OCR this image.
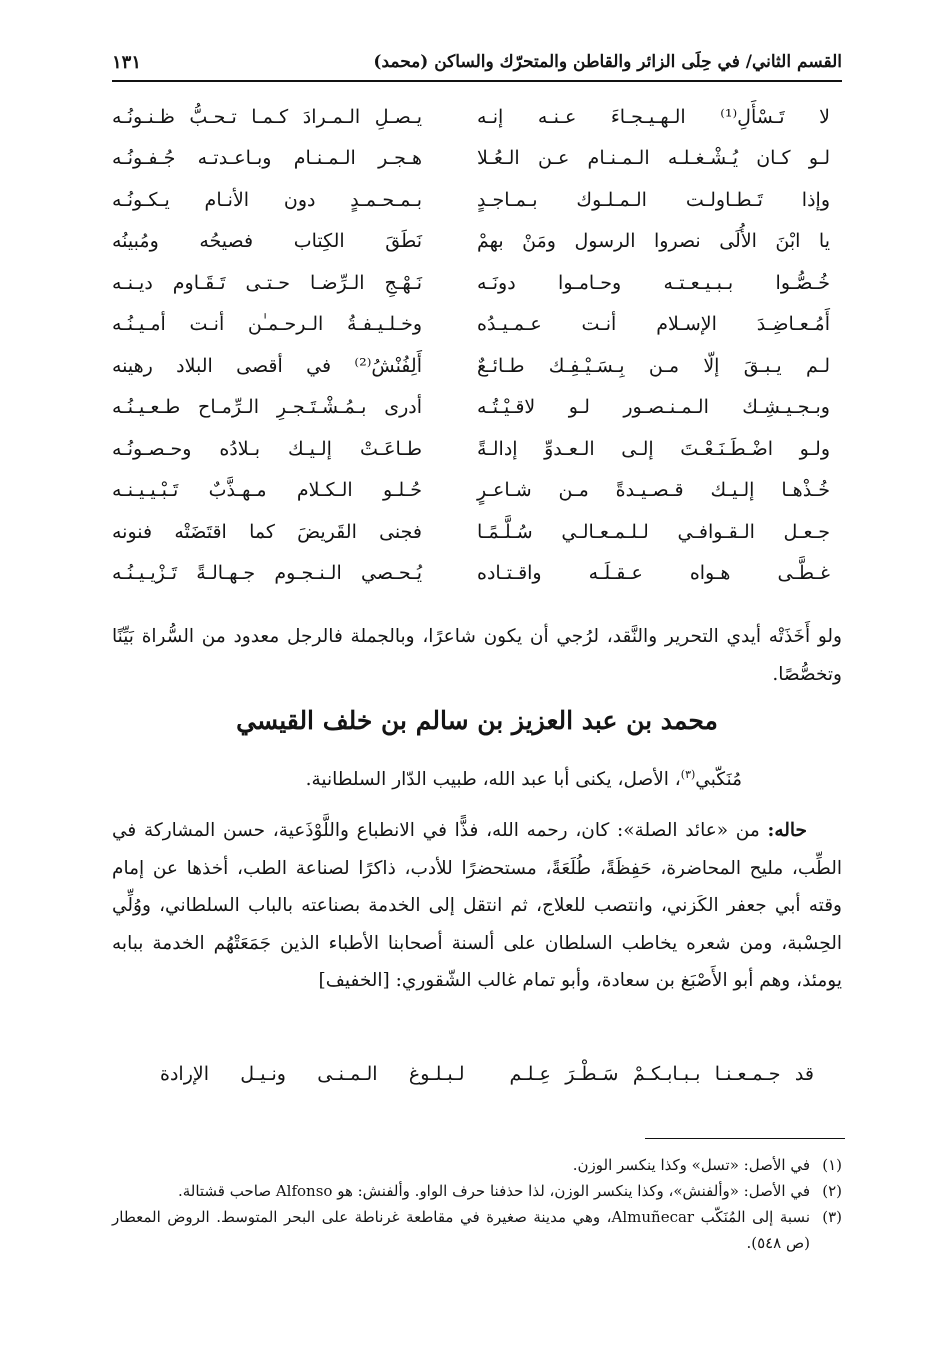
القسم الثاني/ في حِلَى الزائر والقاطن والمتحرّك والساكن (محمد)
١٣١
لا تَـسْأَلِ⁽¹⁾ الـهـيـجـاءَ عـنـه إنـه
يـصـلِ الـمـرادَ كـمـا تـحـبُّ ظـنـونُـه
لـو كـان يُـشْـغـلـه الـمـنـام عـن الـعُـلا
هـجـر الـمـنـام وبـاعـدتـه جُـفـونُـه
وإذا تَـطـاولـت الـمـلـوك بـمـاجـدٍ
بـمـحـمـدٍ دون الأنـام يـكـونُـه
يا ابْنَ الأُلَى نصروا الرسول ومَنْ بهمْ
نَطَقَ الكِتاب فصيحُه ومُبينُه
خُـصُّـوا بـبـيـعـتـه وحـامـوا دونَـه
نَـهْـجِ الـرِّضـا حـتـى تَـقَـاوم ديـنـه
أَمُـعـاضِـدَ الإسـلام أنـت عـمـيـدُه
وخـلـيـفـةُ الـرحـمـٰن أنـت أمـيـنُـه
لـم يـبـقَ إلّا مـن بِـسَـيْـفِـك طـائـعٌ
أَلِفُنْشُ⁽²⁾ في أقصى البلاد رهينه
وبـجـيـشِـك الـمـنـصـور لـو لاقـيْـتُـه
أدرى بـمُـشْـتَـجـرِ الـرِّمـاح طـعـيـنُـه
ولـو اضْـطَـنَـعْـتَ إلـى الـعـدوِّ إدالـةً
طـاعَـتْ إلـيـك بـلادُه وحـصـونُـه
خُـذْهـا إلـيـك قـصـيـدةً مـن شـاعـرٍ
حُـلـو الـكـلام مـهـذَّبٌ تَـبْـيـيـنـه
جـعـل الـقـوافـي لـلـمـعـالـي سُـلَّـمًـا
فجنى القَريضَ كما اقتَضَتْه فنونه
غـطَّـى هـواه عـقـلَـه واقـتـاده
يُـحـصي الـنـجـوم جـهـالـةً تَـزْيـيـنُـه
ولو أَخَذَتْه أيدي التحرير والنَّقد، لرُجي أن يكون شاعرًا، وبالجملة فالرجل معدود من السُّراة بَيِّنًا وتخصُّصًا.
محمد بن عبد العزيز بن سالم بن خلف القيسي
مُنَكّبي$^{(٣)}$، الأصل، يكنى أبا عبد الله، طبيب الدّار السلطانية.
حاله: من «عائد الصلة»: كان، رحمه الله، فذًّا في الانطباع واللَّوْذَعية، حسن المشاركة في الطِّب، مليح المحاضرة، حَفِظَةً، طُلَعَةً، مستحضرًا للأدب، ذاكرًا لصناعة الطب، أخذها عن إمام وقته أبي جعفر الكَزني، وانتصب للعلاج، ثم انتقل إلى الخدمة بصناعته بالباب السلطاني، ووُلِّي الحِسْبة، ومن شعره يخاطب السلطان على ألسنة أصحابنا الأطباء الذين جَمَعَتْهُم الخدمة ببابه يومئذ، وهم أبو الأَصْبَغ بن سعادة، وأبو تمام غالب الشّقوري: [الخفيف]
قد جـمـعـنـا بـبـابـكـمْ سَـطْـرَ عِـلـم
لـبـلـوغ الـمـنـى ونـيـل الإرادة
(١)
في الأصل: «تسل» وكذا ينكسر الوزن.
(٢)
في الأصل: «وألفنش»، وكذا ينكسر الوزن، لذا حذفنا حرف الواو. وألفنش: هو Alfonso صاحب قشتالة.
(٣)
نسبة إلى المُنَكّب Almuñecar، وهي مدينة صغيرة في مقاطعة غرناطة على البحر المتوسط. الروض المعطار (ص ٥٤٨).
